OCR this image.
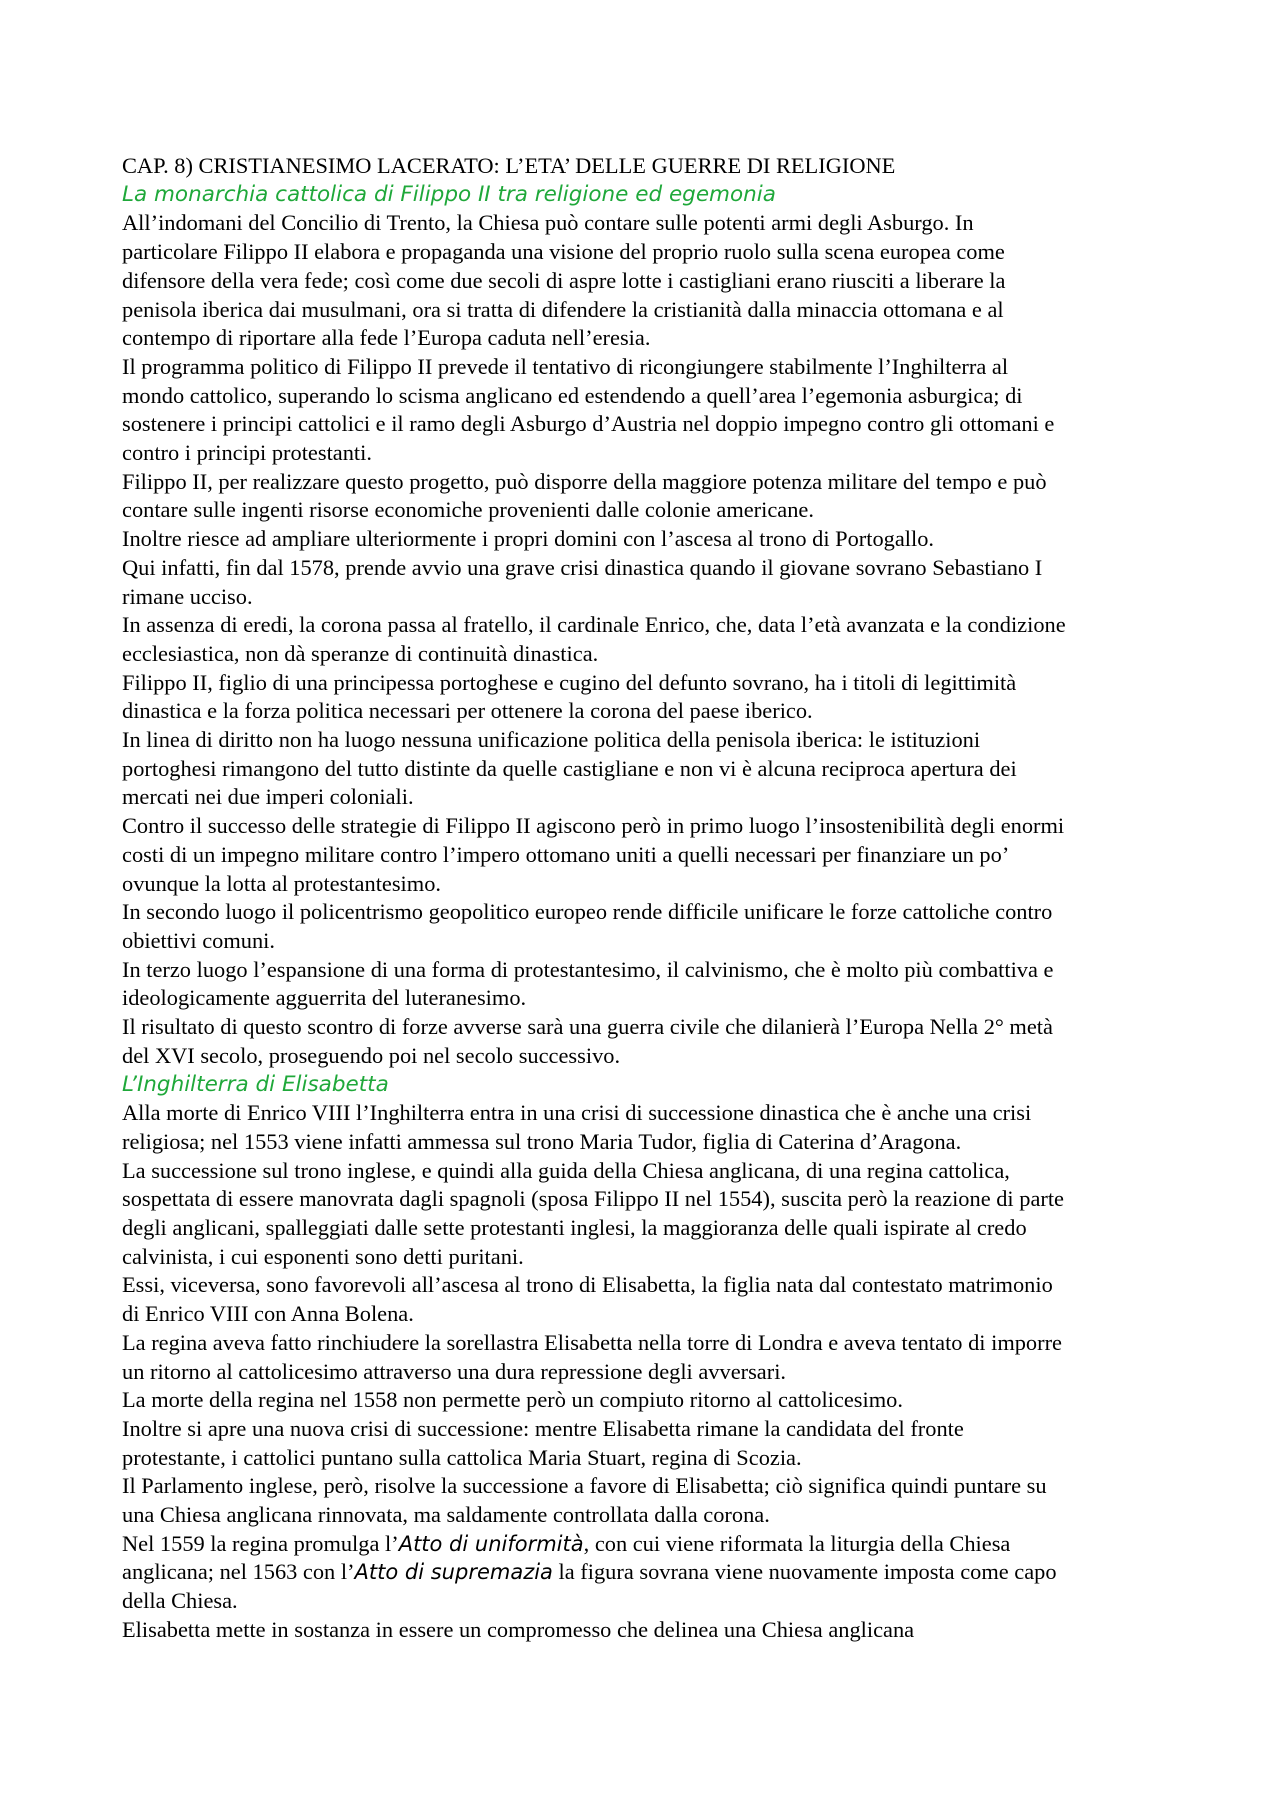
CAP. 8) CRISTIANESIMO LACERATO: L’ETA’ DELLE GUERRE DI RELIGIONE

La monarchia cattolica di Filippo II tra religione ed egemonia

All’indomani del Concilio di Trento, la Chiesa può contare sulle potenti armi degli Asburgo. In particolare Filippo II elabora e propaganda una visione del proprio ruolo sulla scena europea come difensore della vera fede; così come due secoli di aspre lotte i castigliani erano riusciti a liberare la penisola iberica dai musulmani, ora si tratta di difendere la cristianità dalla minaccia ottomana e al contempo di riportare alla fede l’Europa caduta nell’eresia.

Il programma politico di Filippo II prevede il tentativo di ricongiungere stabilmente l’Inghilterra al mondo cattolico, superando lo scisma anglicano ed estendendo a quell’area l’egemonia asburgica; di sostenere i principi cattolici e il ramo degli Asburgo d’Austria nel doppio impegno contro gli ottomani e contro i principi protestanti.

Filippo II, per realizzare questo progetto, può disporre della maggiore potenza militare del tempo e può contare sulle ingenti risorse economiche provenienti dalle colonie americane.

Inoltre riesce ad ampliare ulteriormente i propri domini con l’ascesa al trono di Portogallo.

Qui infatti, fin dal 1578, prende avvio una grave crisi dinastica quando il giovane sovrano Sebastiano I rimane ucciso.

In assenza di eredi, la corona passa al fratello, il cardinale Enrico, che, data l’età avanzata e la condizione ecclesiastica, non dà speranze di continuità dinastica.

Filippo II, figlio di una principessa portoghese e cugino del defunto sovrano, ha i titoli di legittimità dinastica e la forza politica necessari per ottenere la corona del paese iberico.

In linea di diritto non ha luogo nessuna unificazione politica della penisola iberica: le istituzioni portoghesi rimangono del tutto distinte da quelle castigliane e non vi è alcuna reciproca apertura dei mercati nei due imperi coloniali.

Contro il successo delle strategie di Filippo II agiscono però in primo luogo l’insostenibilità degli enormi costi di un impegno militare contro l’impero ottomano uniti a quelli necessari per finanziare un po’ ovunque la lotta al protestantesimo.

In secondo luogo il policentrismo geopolitico europeo rende difficile unificare le forze cattoliche contro obiettivi comuni.

In terzo luogo l’espansione di una forma di protestantesimo, il calvinismo, che è molto più combattiva e ideologicamente agguerrita del luteranesimo.

Il risultato di questo scontro di forze avverse sarà una guerra civile che dilanierà l’Europa Nella 2° metà del XVI secolo, proseguendo poi nel secolo successivo.

L’Inghilterra di Elisabetta

Alla morte di Enrico VIII l’Inghilterra entra in una crisi di successione dinastica che è anche una crisi religiosa; nel 1553 viene infatti ammessa sul trono Maria Tudor, figlia di Caterina d’Aragona.

La successione sul trono inglese, e quindi alla guida della Chiesa anglicana, di una regina cattolica, sospettata di essere manovrata dagli spagnoli (sposa Filippo II nel 1554), suscita però la reazione di parte degli anglicani, spalleggiati dalle sette protestanti inglesi, la maggioranza delle quali ispirate al credo calvinista, i cui esponenti sono detti puritani.

Essi, viceversa, sono favorevoli all’ascesa al trono di Elisabetta, la figlia nata dal contestato matrimonio di Enrico VIII con Anna Bolena.

La regina aveva fatto rinchiudere la sorellastra Elisabetta nella torre di Londra e aveva tentato di imporre un ritorno al cattolicesimo attraverso una dura repressione degli avversari.

La morte della regina nel 1558 non permette però un compiuto ritorno al cattolicesimo.

Inoltre si apre una nuova crisi di successione: mentre Elisabetta rimane la candidata del fronte protestante, i cattolici puntano sulla cattolica Maria Stuart, regina di Scozia.

Il Parlamento inglese, però, risolve la successione a favore di Elisabetta; ciò significa quindi puntare su una Chiesa anglicana rinnovata, ma saldamente controllata dalla corona.

Nel 1559 la regina promulga l’Atto di uniformità, con cui viene riformata la liturgia della Chiesa anglicana; nel 1563 con l’Atto di supremazia la figura sovrana viene nuovamente imposta come capo della Chiesa.

Elisabetta mette in sostanza in essere un compromesso che delinea una Chiesa anglicana
